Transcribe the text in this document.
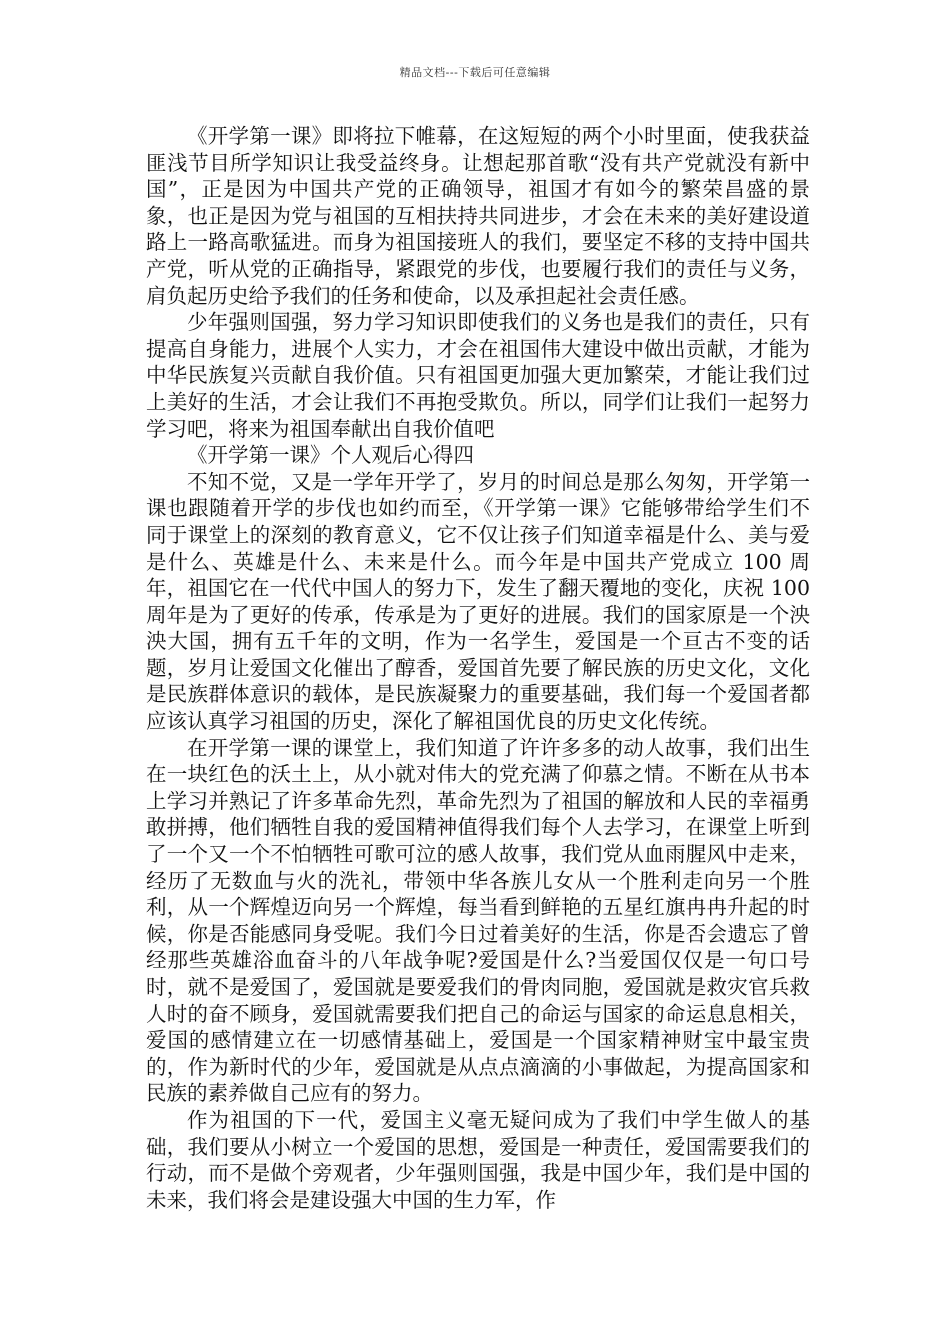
精品文档---下载后可任意编辑

《开学第一课》即将拉下帷幕，在这短短的两个小时里面，使我获益匪浅节目所学知识让我受益终身。让想起那首歌“没有共产党就没有新中国”，正是因为中国共产党的正确领导，祖国才有如今的繁荣昌盛的景象，也正是因为党与祖国的互相扶持共同进步，才会在未来的美好建设道路上一路高歌猛进。而身为祖国接班人的我们，要坚定不移的支持中国共产党，听从党的正确指导，紧跟党的步伐，也要履行我们的责任与义务，肩负起历史给予我们的任务和使命，以及承担起社会责任感。

少年强则国强，努力学习知识即使我们的义务也是我们的责任，只有提高自身能力，进展个人实力，才会在祖国伟大建设中做出贡献，才能为中华民族复兴贡献自我价值。只有祖国更加强大更加繁荣，才能让我们过上美好的生活，才会让我们不再抱受欺负。所以，同学们让我们一起努力学习吧，将来为祖国奉献出自我价值吧

《开学第一课》个人观后心得四

不知不觉，又是一学年开学了，岁月的时间总是那么匆匆，开学第一课也跟随着开学的步伐也如约而至，《开学第一课》它能够带给学生们不同于课堂上的深刻的教育意义，它不仅让孩子们知道幸福是什么、美与爱是什么、英雄是什么、未来是什么。而今年是中国共产党成立 100 周年，祖国它在一代代中国人的努力下，发生了翻天覆地的变化，庆祝 100 周年是为了更好的传承，传承是为了更好的进展。我们的国家原是一个泱泱大国，拥有五千年的文明，作为一名学生，爱国是一个亘古不变的话题，岁月让爱国文化催出了醇香，爱国首先要了解民族的历史文化，文化是民族群体意识的载体，是民族凝聚力的重要基础，我们每一个爱国者都应该认真学习祖国的历史，深化了解祖国优良的历史文化传统。

在开学第一课的课堂上，我们知道了许许多多的动人故事，我们出生在一块红色的沃土上，从小就对伟大的党充满了仰慕之情。不断在从书本上学习并熟记了许多革命先烈，革命先烈为了祖国的解放和人民的幸福勇敢拼搏，他们牺牲自我的爱国精神值得我们每个人去学习，在课堂上听到了一个又一个不怕牺牲可歌可泣的感人故事，我们党从血雨腥风中走来，经历了无数血与火的洗礼，带领中华各族儿女从一个胜利走向另一个胜利，从一个辉煌迈向另一个辉煌，每当看到鲜艳的五星红旗冉冉升起的时候，你是否能感同身受呢。我们今日过着美好的生活，你是否会遗忘了曾经那些英雄浴血奋斗的八年战争呢?爱国是什么?当爱国仅仅是一句口号时，就不是爱国了，爱国就是要爱我们的骨肉同胞，爱国就是救灾官兵救人时的奋不顾身，爱国就需要我们把自己的命运与国家的命运息息相关，爱国的感情建立在一切感情基础上，爱国是一个国家精神财宝中最宝贵的，作为新时代的少年，爱国就是从点点滴滴的小事做起，为提高国家和民族的素养做自己应有的努力。

作为祖国的下一代，爱国主义毫无疑问成为了我们中学生做人的基础，我们要从小树立一个爱国的思想，爱国是一种责任，爱国需要我们的行动，而不是做个旁观者，少年强则国强，我是中国少年，我们是中国的未来，我们将会是建设强大中国的生力军，作
